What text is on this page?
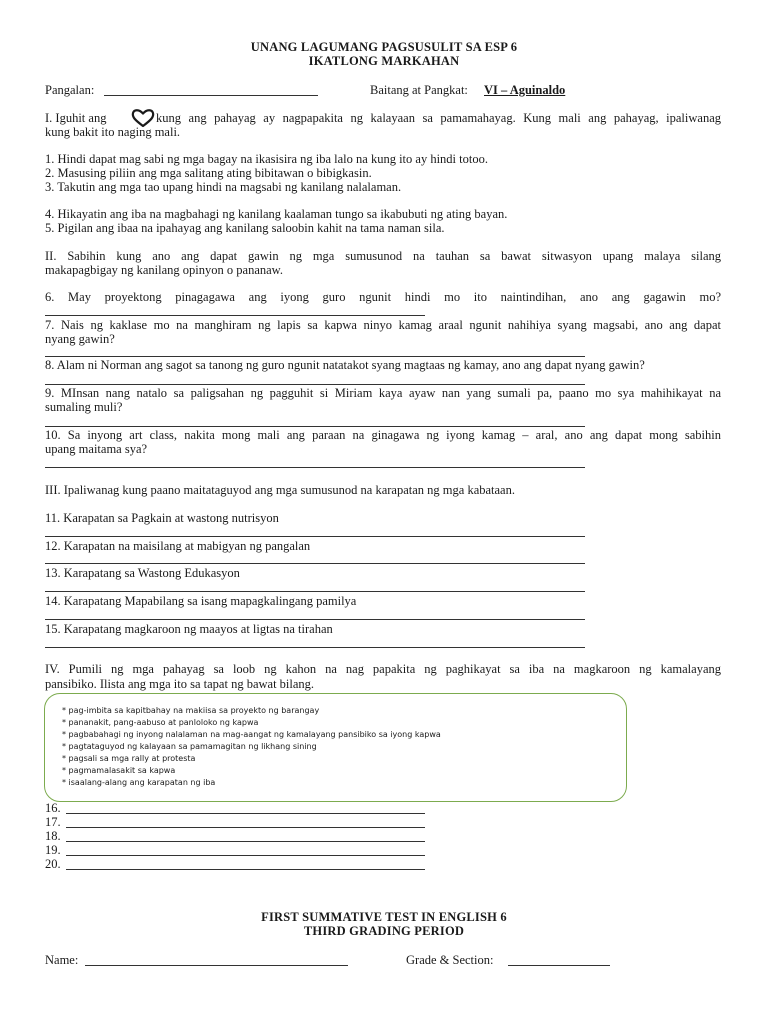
UNANG LAGUMANG PAGSUSULIT SA ESP 6
IKATLONG MARKAHAN
Pangalan:	Baitang at Pangkat: VI – Aguinaldo
I. Iguhit ang	kung ang pahayag ay nagpapakita ng kalayaan sa pamamahayag. Kung mali ang pahayag, ipaliwanag
kung bakit ito naging mali.
1. Hindi dapat mag sabi ng mga bagay na ikasisira ng iba lalo na kung ito ay hindi totoo.
2. Masusing piliin ang mga salitang ating bibitawan o bibigkasin.
3. Takutin ang mga tao upang hindi na magsabi ng kanilang nalalaman.
4. Hikayatin ang iba na magbahagi ng kanilang kaalaman tungo sa ikabubuti ng ating bayan.
5. Pigilan ang ibaa na ipahayag ang kanilang saloobin kahit na tama naman sila.
II. Sabihin kung ano ang dapat gawin ng mga sumusunod na tauhan sa bawat sitwasyon upang malaya silang
makapagbigay ng kanilang opinyon o pananaw.
6. May proyektong pinagagawa ang iyong guro ngunit hindi mo ito naintindihan, ano ang gagawin mo?
7. Nais ng kaklase mo na manghiram ng lapis sa kapwa ninyo kamag araal ngunit nahihiya syang magsabi, ano ang dapat
nyang gawin?
8. Alam ni Norman ang sagot sa tanong ng guro ngunit natatakot syang magtaas ng kamay, ano ang dapat nyang gawin?
9. MInsan nang natalo sa paligsahan ng pagguhit si Miriam kaya ayaw nan yang sumali pa, paano mo sya mahihikayat na
sumaling muli?
10. Sa inyong art class, nakita mong mali ang paraan na ginagawa ng iyong kamag – aral, ano ang dapat mong sabihin
upang maitama sya?
III. Ipaliwanag kung paano maitataguyod ang mga sumusunod na karapatan ng mga kabataan.
11. Karapatan sa Pagkain at wastong nutrisyon
12. Karapatan na maisilang at mabigyan ng pangalan
13. Karapatang sa Wastong Edukasyon
14. Karapatang Mapabilang sa isang mapagkalingang pamilya
15. Karapatang magkaroon ng maayos at ligtas na tirahan
IV. Pumili ng mga pahayag sa loob ng kahon na nag papakita ng paghikayat sa iba na magkaroon ng kamalayang
pansibiko. Ilista ang mga ito sa tapat ng bawat bilang.
* pag-imbita sa kapitbahay na makiisa sa proyekto ng barangay
* pananakit, pang-aabuso at panloloko ng kapwa
* pagbabahagi ng inyong nalalaman na mag-aangat ng kamalayang pansibiko sa iyong kapwa
* pagtataguyod ng kalayaan sa pamamagitan ng likhang sining
* pagsali sa mga rally at protesta
* pagmamalasakit sa kapwa
* isaalang-alang ang karapatan ng iba
16.
17.
18.
19.
20.
FIRST SUMMATIVE TEST IN ENGLISH 6
THIRD GRADING PERIOD
Name:	Grade & Section:
